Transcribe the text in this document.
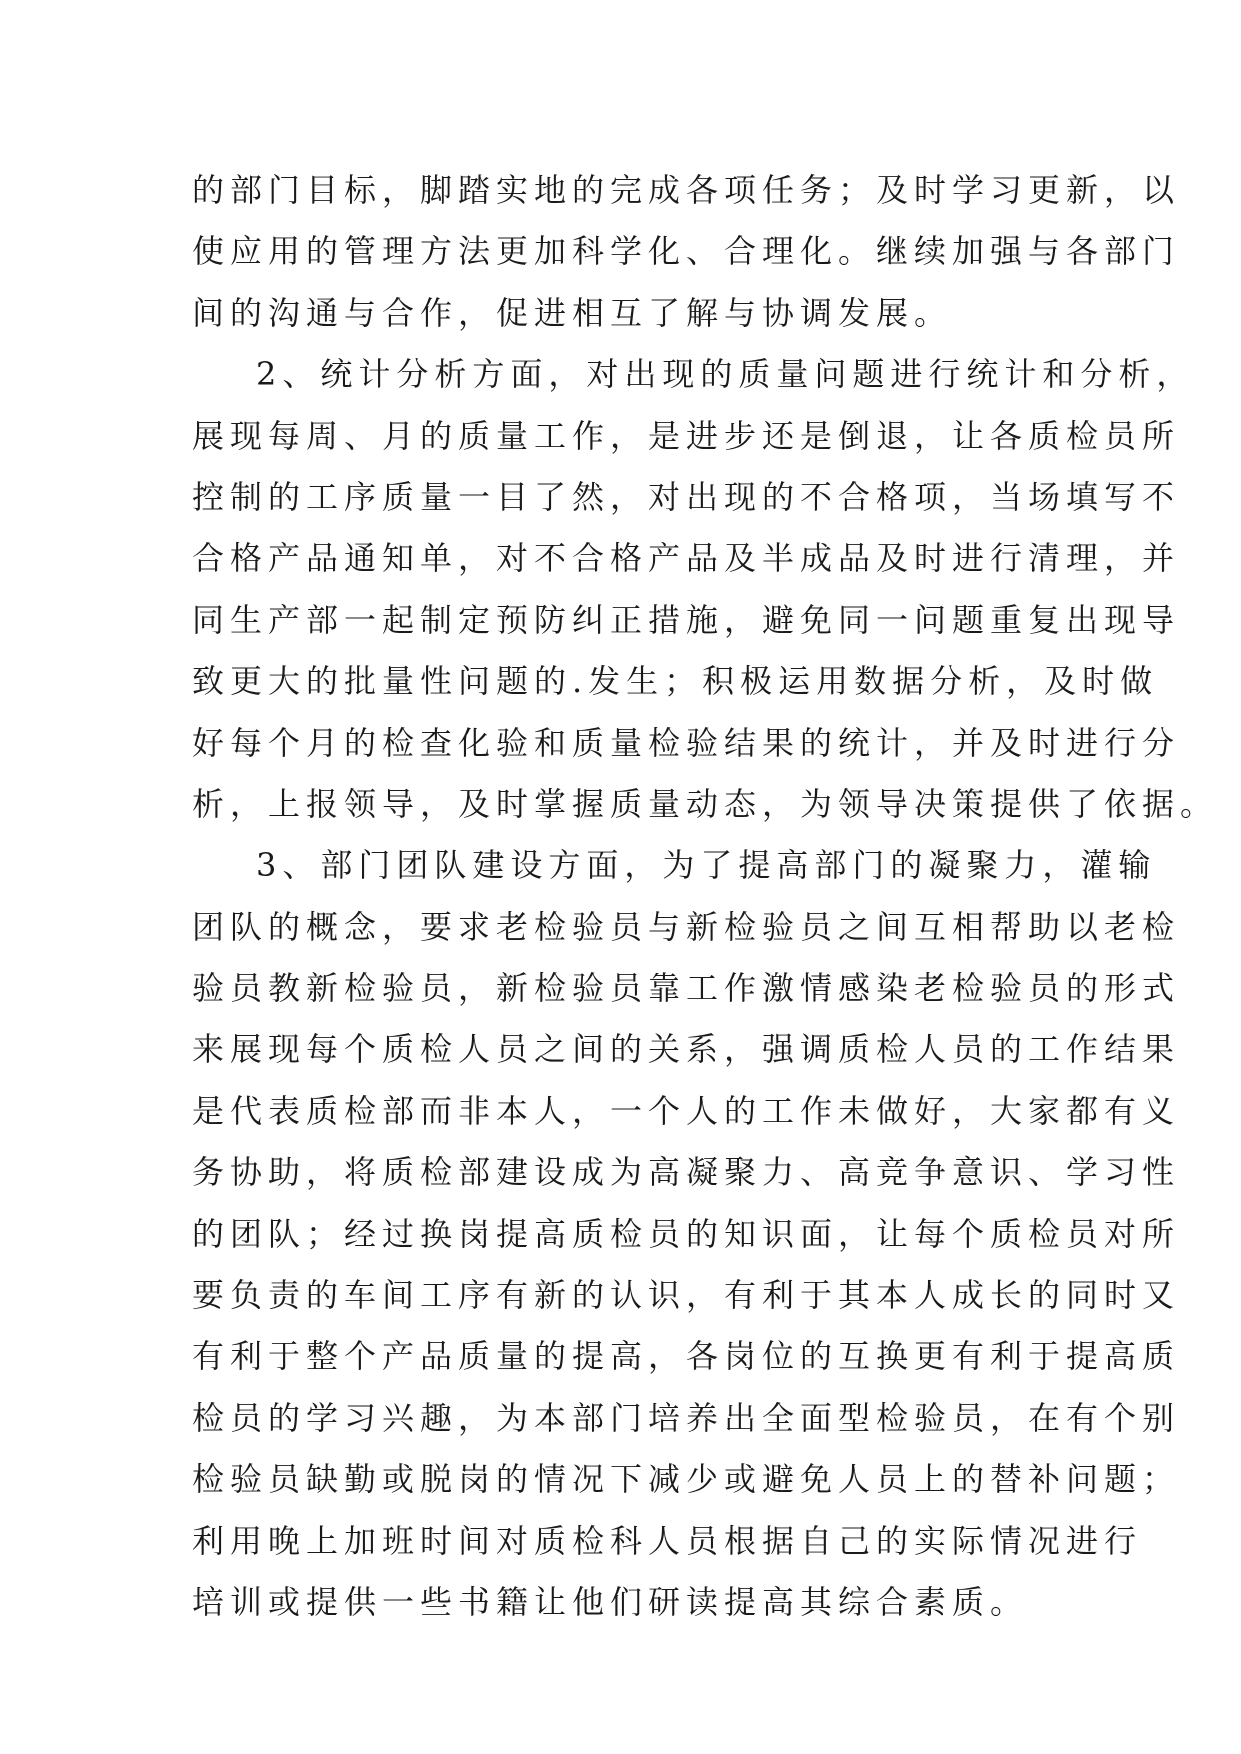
的部门目标，脚踏实地的完成各项任务；及时学习更新，以
使应用的管理方法更加科学化、合理化。继续加强与各部门
间的沟通与合作，促进相互了解与协调发展。
2、统计分析方面，对出现的质量问题进行统计和分析，
展现每周、月的质量工作，是进步还是倒退，让各质检员所
控制的工序质量一目了然，对出现的不合格项，当场填写不
合格产品通知单，对不合格产品及半成品及时进行清理，并
同生产部一起制定预防纠正措施，避免同一问题重复出现导
致更大的批量性问题的.发生；积极运用数据分析，及时做
好每个月的检查化验和质量检验结果的统计，并及时进行分
析，上报领导，及时掌握质量动态，为领导决策提供了依据。
3、部门团队建设方面，为了提高部门的凝聚力，灌输
团队的概念，要求老检验员与新检验员之间互相帮助以老检
验员教新检验员，新检验员靠工作激情感染老检验员的形式
来展现每个质检人员之间的关系，强调质检人员的工作结果
是代表质检部而非本人，一个人的工作未做好，大家都有义
务协助，将质检部建设成为高凝聚力、高竞争意识、学习性
的团队；经过换岗提高质检员的知识面，让每个质检员对所
要负责的车间工序有新的认识，有利于其本人成长的同时又
有利于整个产品质量的提高，各岗位的互换更有利于提高质
检员的学习兴趣，为本部门培养出全面型检验员，在有个别
检验员缺勤或脱岗的情况下减少或避免人员上的替补问题；
利用晚上加班时间对质检科人员根据自己的实际情况进行
培训或提供一些书籍让他们研读提高其综合素质。
